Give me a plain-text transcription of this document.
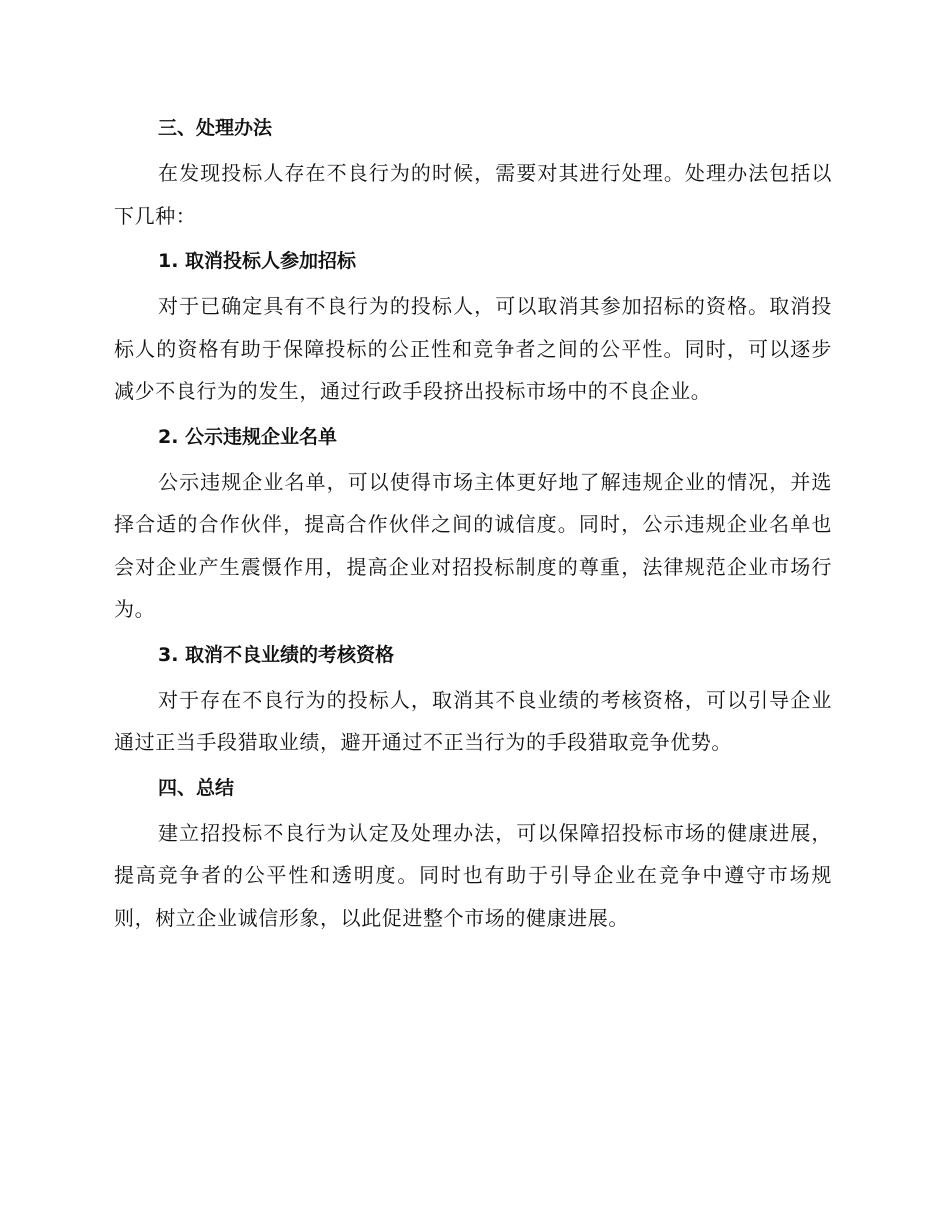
三、处理办法

在发现投标人存在不良行为的时候，需要对其进行处理。处理办法包括以下几种：

1. 取消投标人参加招标

对于已确定具有不良行为的投标人，可以取消其参加招标的资格。取消投标人的资格有助于保障投标的公正性和竞争者之间的公平性。同时，可以逐步减少不良行为的发生，通过行政手段挤出投标市场中的不良企业。

2. 公示违规企业名单

公示违规企业名单，可以使得市场主体更好地了解违规企业的情况，并选择合适的合作伙伴，提高合作伙伴之间的诚信度。同时，公示违规企业名单也会对企业产生震慑作用，提高企业对招投标制度的尊重，法律规范企业市场行为。

3. 取消不良业绩的考核资格

对于存在不良行为的投标人，取消其不良业绩的考核资格，可以引导企业通过正当手段猎取业绩，避开通过不正当行为的手段猎取竞争优势。

四、总结

建立招投标不良行为认定及处理办法，可以保障招投标市场的健康进展，提高竞争者的公平性和透明度。同时也有助于引导企业在竞争中遵守市场规则，树立企业诚信形象，以此促进整个市场的健康进展。
